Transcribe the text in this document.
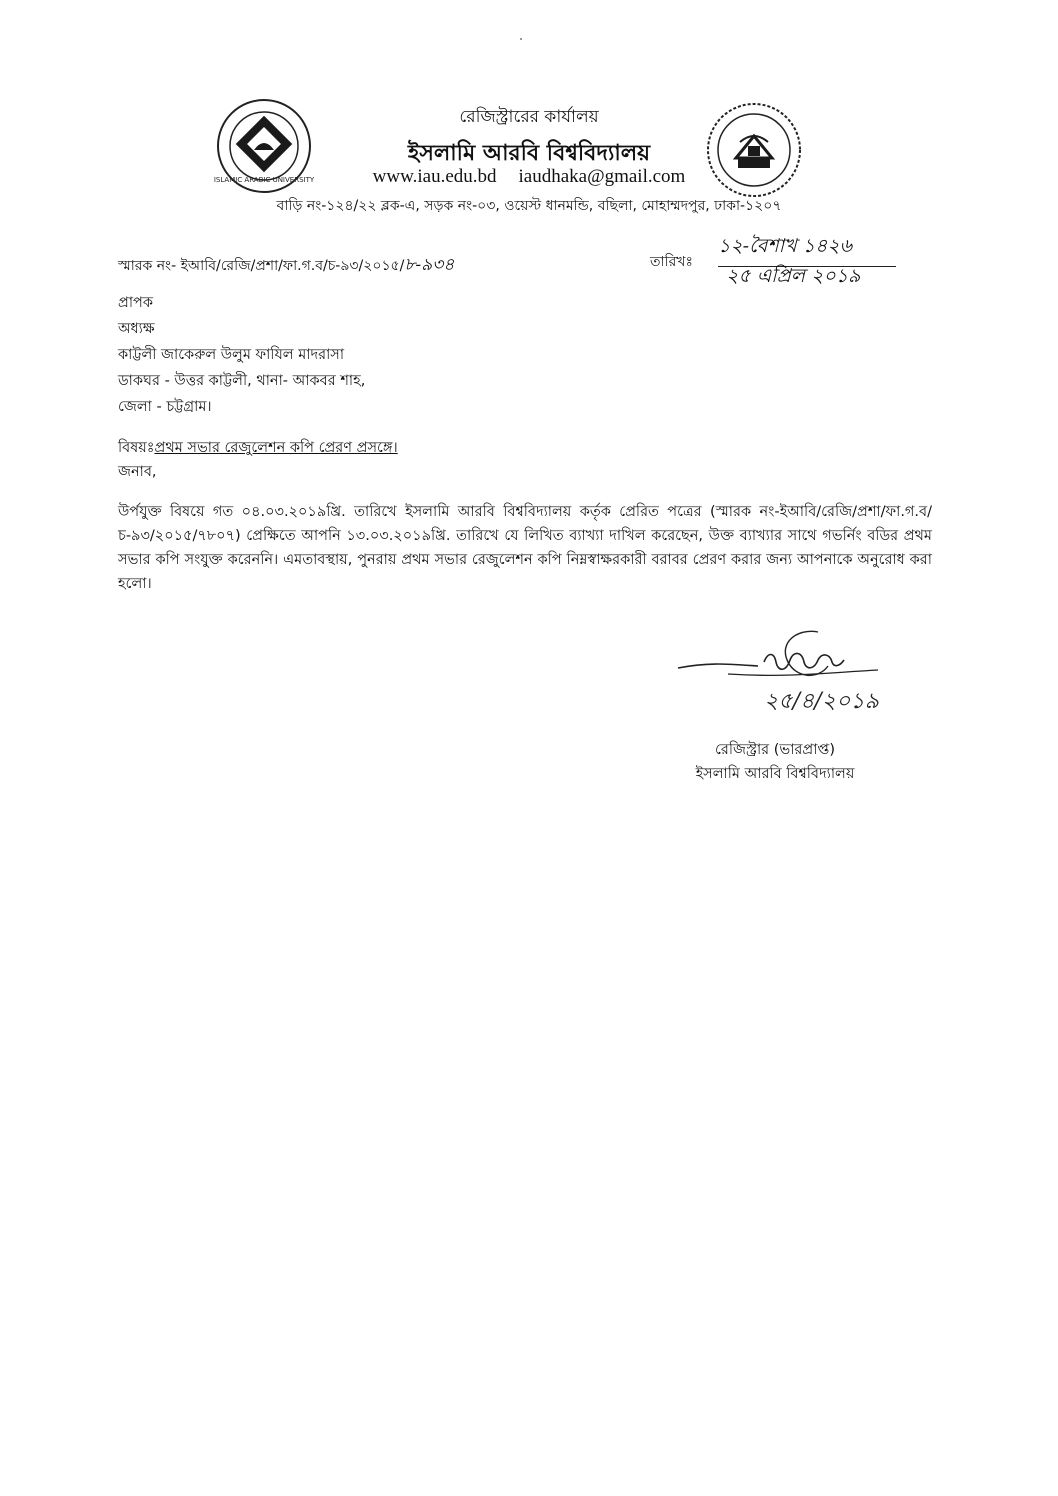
ISLAMIC ARABIC UNIVERSITY
রেজিস্ট্রারের কার্যালয়
ইসলামি আরবি বিশ্ববিদ্যালয়
www.iau.edu.bd iaudhaka@gmail.com
বাড়ি নং-১২৪/২২ ব্লক-এ, সড়ক নং-০৩, ওয়েস্ট ধানমন্ডি, বছিলা, মোহাম্মদপুর, ঢাকা-১২০৭
স্মারক নং- ইআবি/রেজি/প্রশা/ফা.গ.ব/চ-৯৩/২০১৫/৮-৯৩৪	তারিখঃ
১২-বৈশাখ ১৪২৬
২৫ এপ্রিল ২০১৯
প্রাপক
অধ্যক্ষ
কাট্টলী জাকেরুল উলুম ফাযিল মাদরাসা
ডাকঘর - উত্তর কাট্টলী, থানা- আকবর শাহ,
জেলা - চট্টগ্রাম।
বিষয়ঃপ্রথম সভার রেজুলেশন কপি প্রেরণ প্রসঙ্গে।
জনাব,
উর্পযুক্ত বিষয়ে গত ০৪.০৩.২০১৯খ্রি. তারিখে ইসলামি আরবি বিশ্ববিদ্যালয় কর্তৃক প্রেরিত পত্রের (স্মারক নং-ইআবি/রেজি/প্রশা/ফা.গ.ব/চ-৯৩/২০১৫/৭৮০৭) প্রেক্ষিতে আপনি ১৩.০৩.২০১৯খ্রি. তারিখে যে লিখিত ব্যাখ্যা দাখিল করেছেন, উক্ত ব্যাখ্যার সাথে গভর্নিং বডির প্রথম সভার কপি সংযুক্ত করেননি। এমতাবস্থায়, পুনরায় প্রথম সভার রেজুলেশন কপি নিম্নস্বাক্ষরকারী বরাবর প্রেরণ করার জন্য আপনাকে অনুরোধ করা হলো।
২৫/৪/২০১৯
রেজিস্ট্রার (ভারপ্রাপ্ত)
ইসলামি আরবি বিশ্ববিদ্যালয়
